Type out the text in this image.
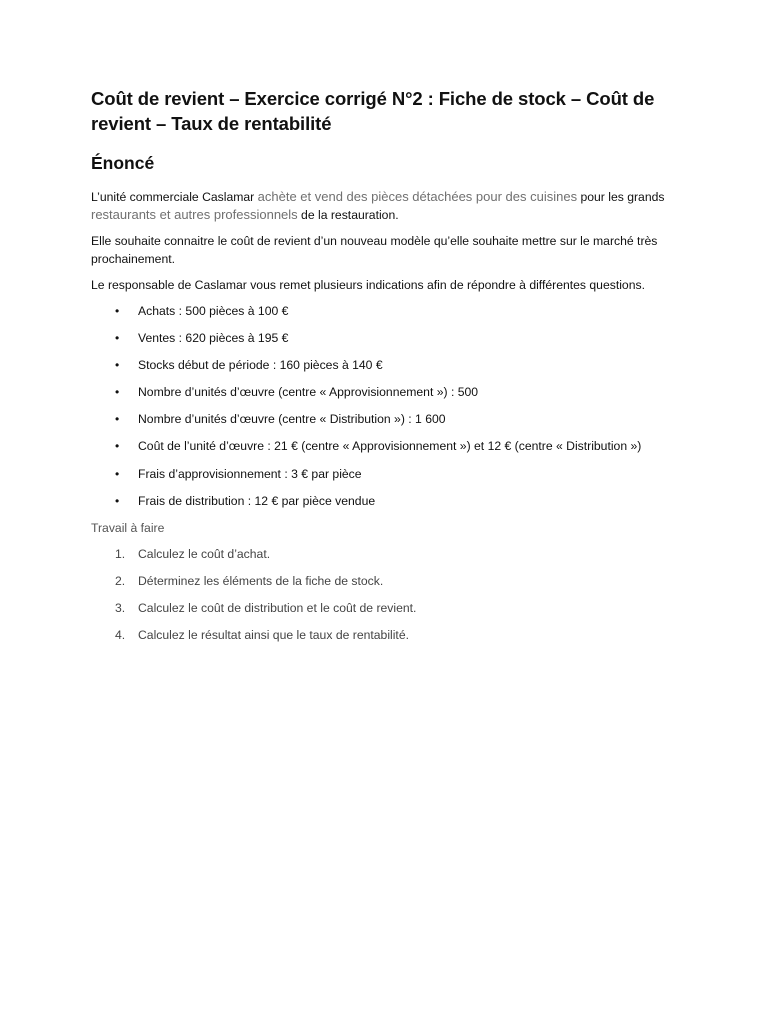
Coût de revient – Exercice corrigé N°2 : Fiche de stock – Coût de revient – Taux de rentabilité
Énoncé

L’unité commerciale Caslamar achète et vend des pièces détachées pour des cuisines pour les grands restaurants et autres professionnels de la restauration.

Elle souhaite connaitre le coût de revient d’un nouveau modèle qu’elle souhaite mettre sur le marché très prochainement.

Le responsable de Caslamar vous remet plusieurs indications afin de répondre à différentes questions.

• Achats : 500 pièces à 100 €
• Ventes : 620 pièces à 195 €
• Stocks début de période : 160 pièces à 140 €
• Nombre d’unités d’œuvre (centre « Approvisionnement ») : 500
• Nombre d’unités d’œuvre (centre « Distribution ») : 1 600
• Coût de l’unité d’œuvre : 21 € (centre « Approvisionnement ») et 12 € (centre « Distribution »)
• Frais d’approvisionnement : 3 € par pièce
• Frais de distribution : 12 € par pièce vendue

Travail à faire

1. Calculez le coût d’achat.
2. Déterminez les éléments de la fiche de stock.
3. Calculez le coût de distribution et le coût de revient.
4. Calculez le résultat ainsi que le taux de rentabilité.
